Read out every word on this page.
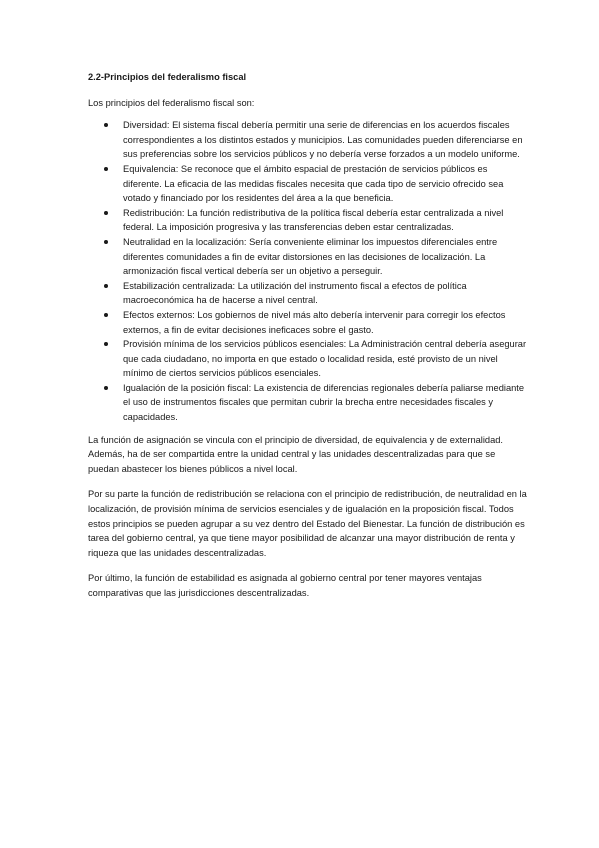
2.2-Principios del federalismo fiscal
Los principios del federalismo fiscal son:
Diversidad: El sistema fiscal debería permitir una serie de diferencias en los acuerdos fiscales correspondientes a los distintos estados y municipios. Las comunidades pueden diferenciarse en sus preferencias sobre los servicios públicos y no debería verse forzados a un modelo uniforme.
Equivalencia: Se reconoce que el ámbito espacial de prestación de servicios públicos es diferente. La eficacia de las medidas fiscales necesita que cada tipo de servicio ofrecido sea votado y financiado por los residentes del área a la que beneficia.
Redistribución: La función redistributiva de la política fiscal debería estar centralizada a nivel federal. La imposición progresiva y las transferencias deben estar centralizadas.
Neutralidad en la localización: Sería conveniente eliminar los impuestos diferenciales entre diferentes comunidades a fin de evitar distorsiones en las decisiones de localización. La armonización fiscal vertical debería ser un objetivo a perseguir.
Estabilización centralizada: La utilización del instrumento fiscal a efectos de política macroeconómica ha de hacerse a nivel central.
Efectos externos: Los gobiernos de nivel más alto debería intervenir para corregir los efectos externos, a fin de evitar decisiones ineficaces sobre el gasto.
Provisión mínima de los servicios públicos esenciales: La Administración central debería asegurar que cada ciudadano, no importa en que estado o localidad resida, esté provisto de un nivel mínimo de ciertos servicios públicos esenciales.
Igualación de la posición fiscal: La existencia de diferencias regionales debería paliarse mediante el uso de instrumentos fiscales que permitan cubrir la brecha entre necesidades fiscales y capacidades.

La función de asignación se vincula con el principio de diversidad, de equivalencia y de externalidad. Además, ha de ser compartida entre la unidad central y las unidades descentralizadas para que se puedan abastecer los bienes públicos a nivel local.

Por su parte la función de redistribución se relaciona con el principio de redistribución, de neutralidad en la localización, de provisión mínima de servicios esenciales y de igualación en la proposición fiscal. Todos estos principios se pueden agrupar a su vez dentro del Estado del Bienestar. La función de distribución es tarea del gobierno central, ya que tiene mayor posibilidad de alcanzar una mayor distribución de renta y riqueza que las unidades descentralizadas.

Por último, la función de estabilidad es asignada al gobierno central por tener mayores ventajas comparativas que las jurisdicciones descentralizadas.
